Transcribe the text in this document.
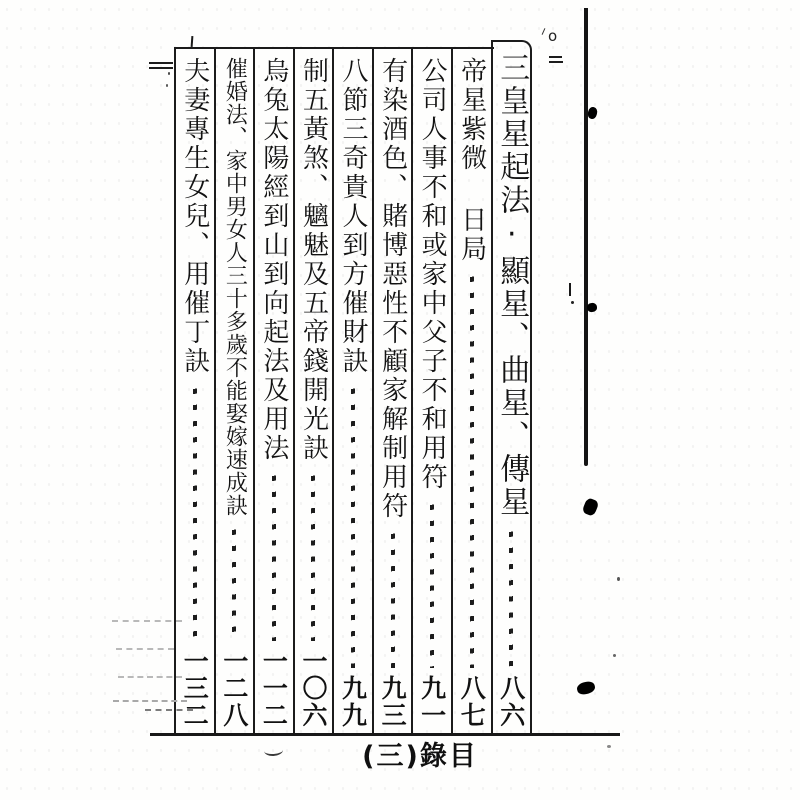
夫妻專生女兒、用催丁訣
一三二
催婚法、家中男女人三十多歲不能娶嫁速成訣
一二八
烏兔太陽經到山到向起法及用法
一一二
制五黃煞、魑魅及五帝錢開光訣
一〇六
八節三奇貴人到方催財訣
九九
有染酒色、賭博惡性不顧家解制用符
九三
公司人事不和或家中父子不和用符
九一
帝星紫微 日局
八七
三皇星起法·顯星、曲星、傳星
八六
(三)錄目
o
